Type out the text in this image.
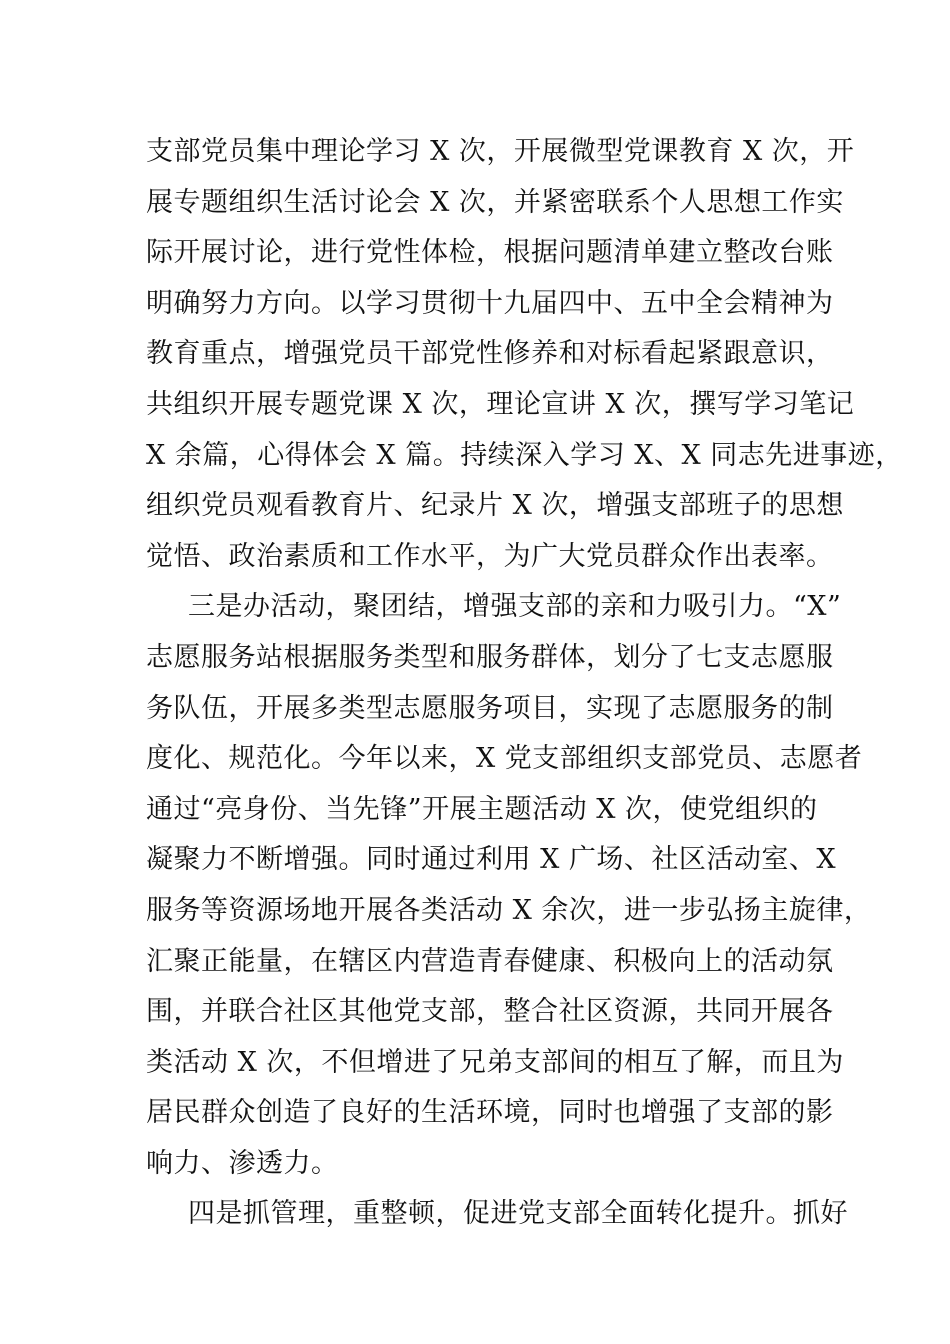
支部党员集中理论学习 X 次，开展微型党课教育 X 次，开
展专题组织生活讨论会 X 次，并紧密联系个人思想工作实
际开展讨论，进行党性体检，根据问题清单建立整改台账
明确努力方向。以学习贯彻十九届四中、五中全会精神为
教育重点，增强党员干部党性修养和对标看起紧跟意识，
共组织开展专题党课 X 次，理论宣讲 X 次，撰写学习笔记
X 余篇，心得体会 X 篇。持续深入学习 X、X 同志先进事迹，
组织党员观看教育片、纪录片 X 次，增强支部班子的思想
觉悟、政治素质和工作水平，为广大党员群众作出表率。
三是办活动，聚团结，增强支部的亲和力吸引力。“X”
志愿服务站根据服务类型和服务群体，划分了七支志愿服
务队伍，开展多类型志愿服务项目，实现了志愿服务的制
度化、规范化。今年以来，X 党支部组织支部党员、志愿者
通过“亮身份、当先锋”开展主题活动 X 次，使党组织的
凝聚力不断增强。同时通过利用 X 广场、社区活动室、X
服务等资源场地开展各类活动 X 余次，进一步弘扬主旋律，
汇聚正能量，在辖区内营造青春健康、积极向上的活动氛
围，并联合社区其他党支部，整合社区资源，共同开展各
类活动 X 次，不但增进了兄弟支部间的相互了解，而且为
居民群众创造了良好的生活环境，同时也增强了支部的影
响力、渗透力。
四是抓管理，重整顿，促进党支部全面转化提升。抓好
